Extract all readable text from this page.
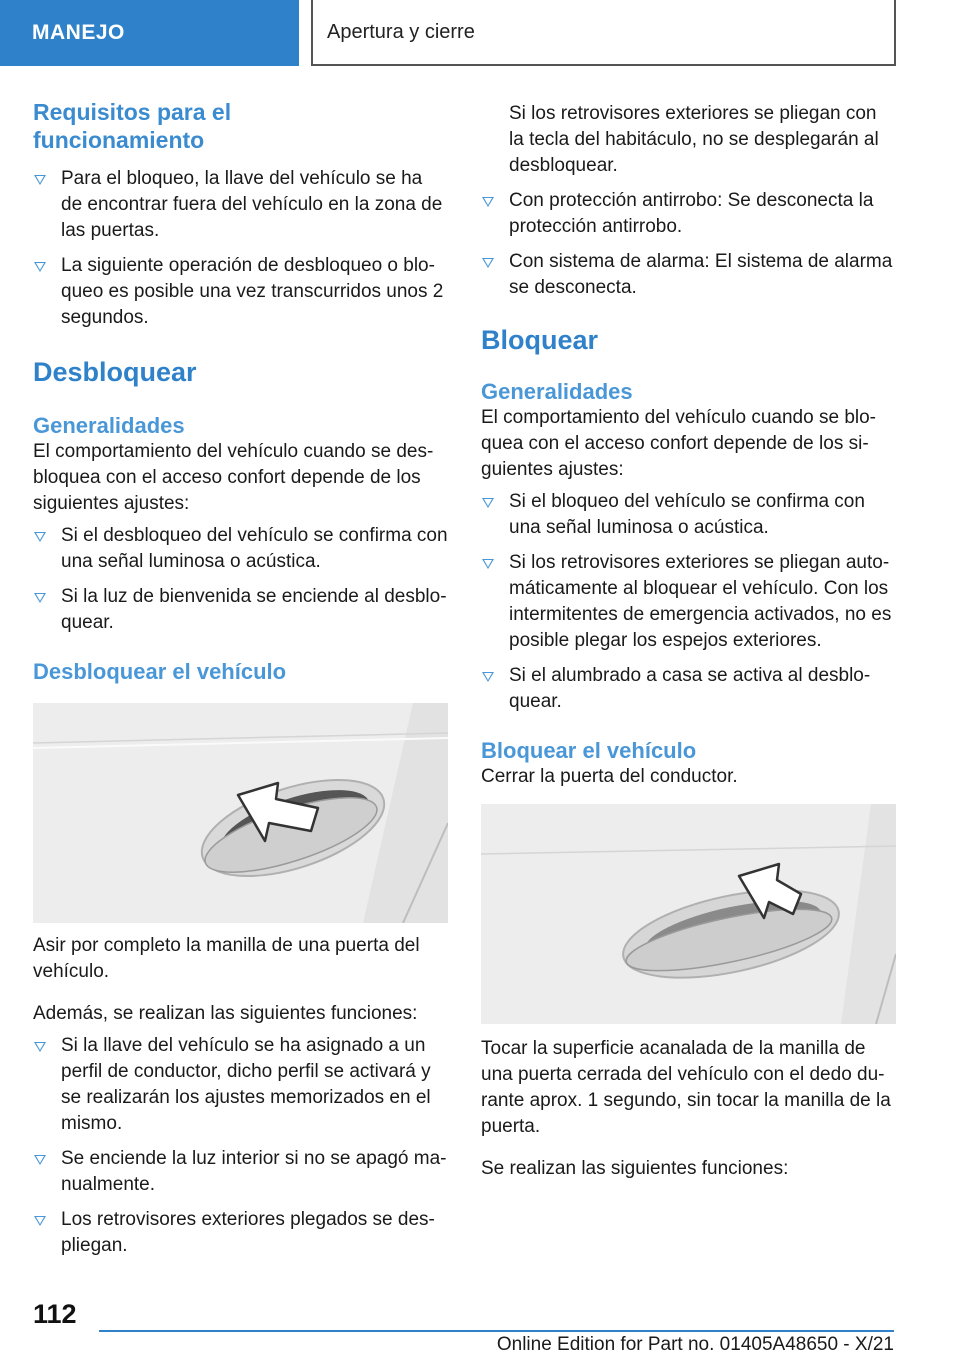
MANEJO	Apertura y cierre
Requisitos para el funcionamiento
Para el bloqueo, la llave del vehículo se ha de encontrar fuera del vehículo en la zona de las puertas.
La siguiente operación de desbloqueo o blo‐queo es posible una vez transcurridos unos 2 segundos.
Desbloquear
Generalidades

El comportamiento del vehículo cuando se des‐bloquea con el acceso confort depende de los siguientes ajustes:

Si el desbloqueo del vehículo se confirma con una señal luminosa o acústica.
Si la luz de bienvenida se enciende al desblo‐quear.
Desbloquear el vehículo

Asir por completo la manilla de una puerta del vehículo.

Además, se realizan las siguientes funciones:

Si la llave del vehículo se ha asignado a un perfil de conductor, dicho perfil se activará y se realizarán los ajustes memorizados en el mismo.
Se enciende la luz interior si no se apagó ma‐nualmente.
Los retrovisores exteriores plegados se des‐pliegan.

Si los retrovisores exteriores se pliegan con la tecla del habitáculo, no se desplegarán al desbloquear.

Con protección antirrobo: Se desconecta la protección antirrobo.
Con sistema de alarma: El sistema de alarma se desconecta.
Bloquear
Generalidades

El comportamiento del vehículo cuando se blo‐quea con el acceso confort depende de los si‐guientes ajustes:

Si el bloqueo del vehículo se confirma con una señal luminosa o acústica.
Si los retrovisores exteriores se pliegan auto‐máticamente al bloquear el vehículo. Con los intermitentes de emergencia activados, no es posible plegar los espejos exteriores.
Si el alumbrado a casa se activa al desblo‐quear.
Bloquear el vehículo

Cerrar la puerta del conductor.

Tocar la superficie acanalada de la manilla de una puerta cerrada del vehículo con el dedo du‐rante aprox. 1 segundo, sin tocar la manilla de la puerta.

Se realizan las siguientes funciones:

112
Online Edition for Part no. 01405A48650 - X/21
